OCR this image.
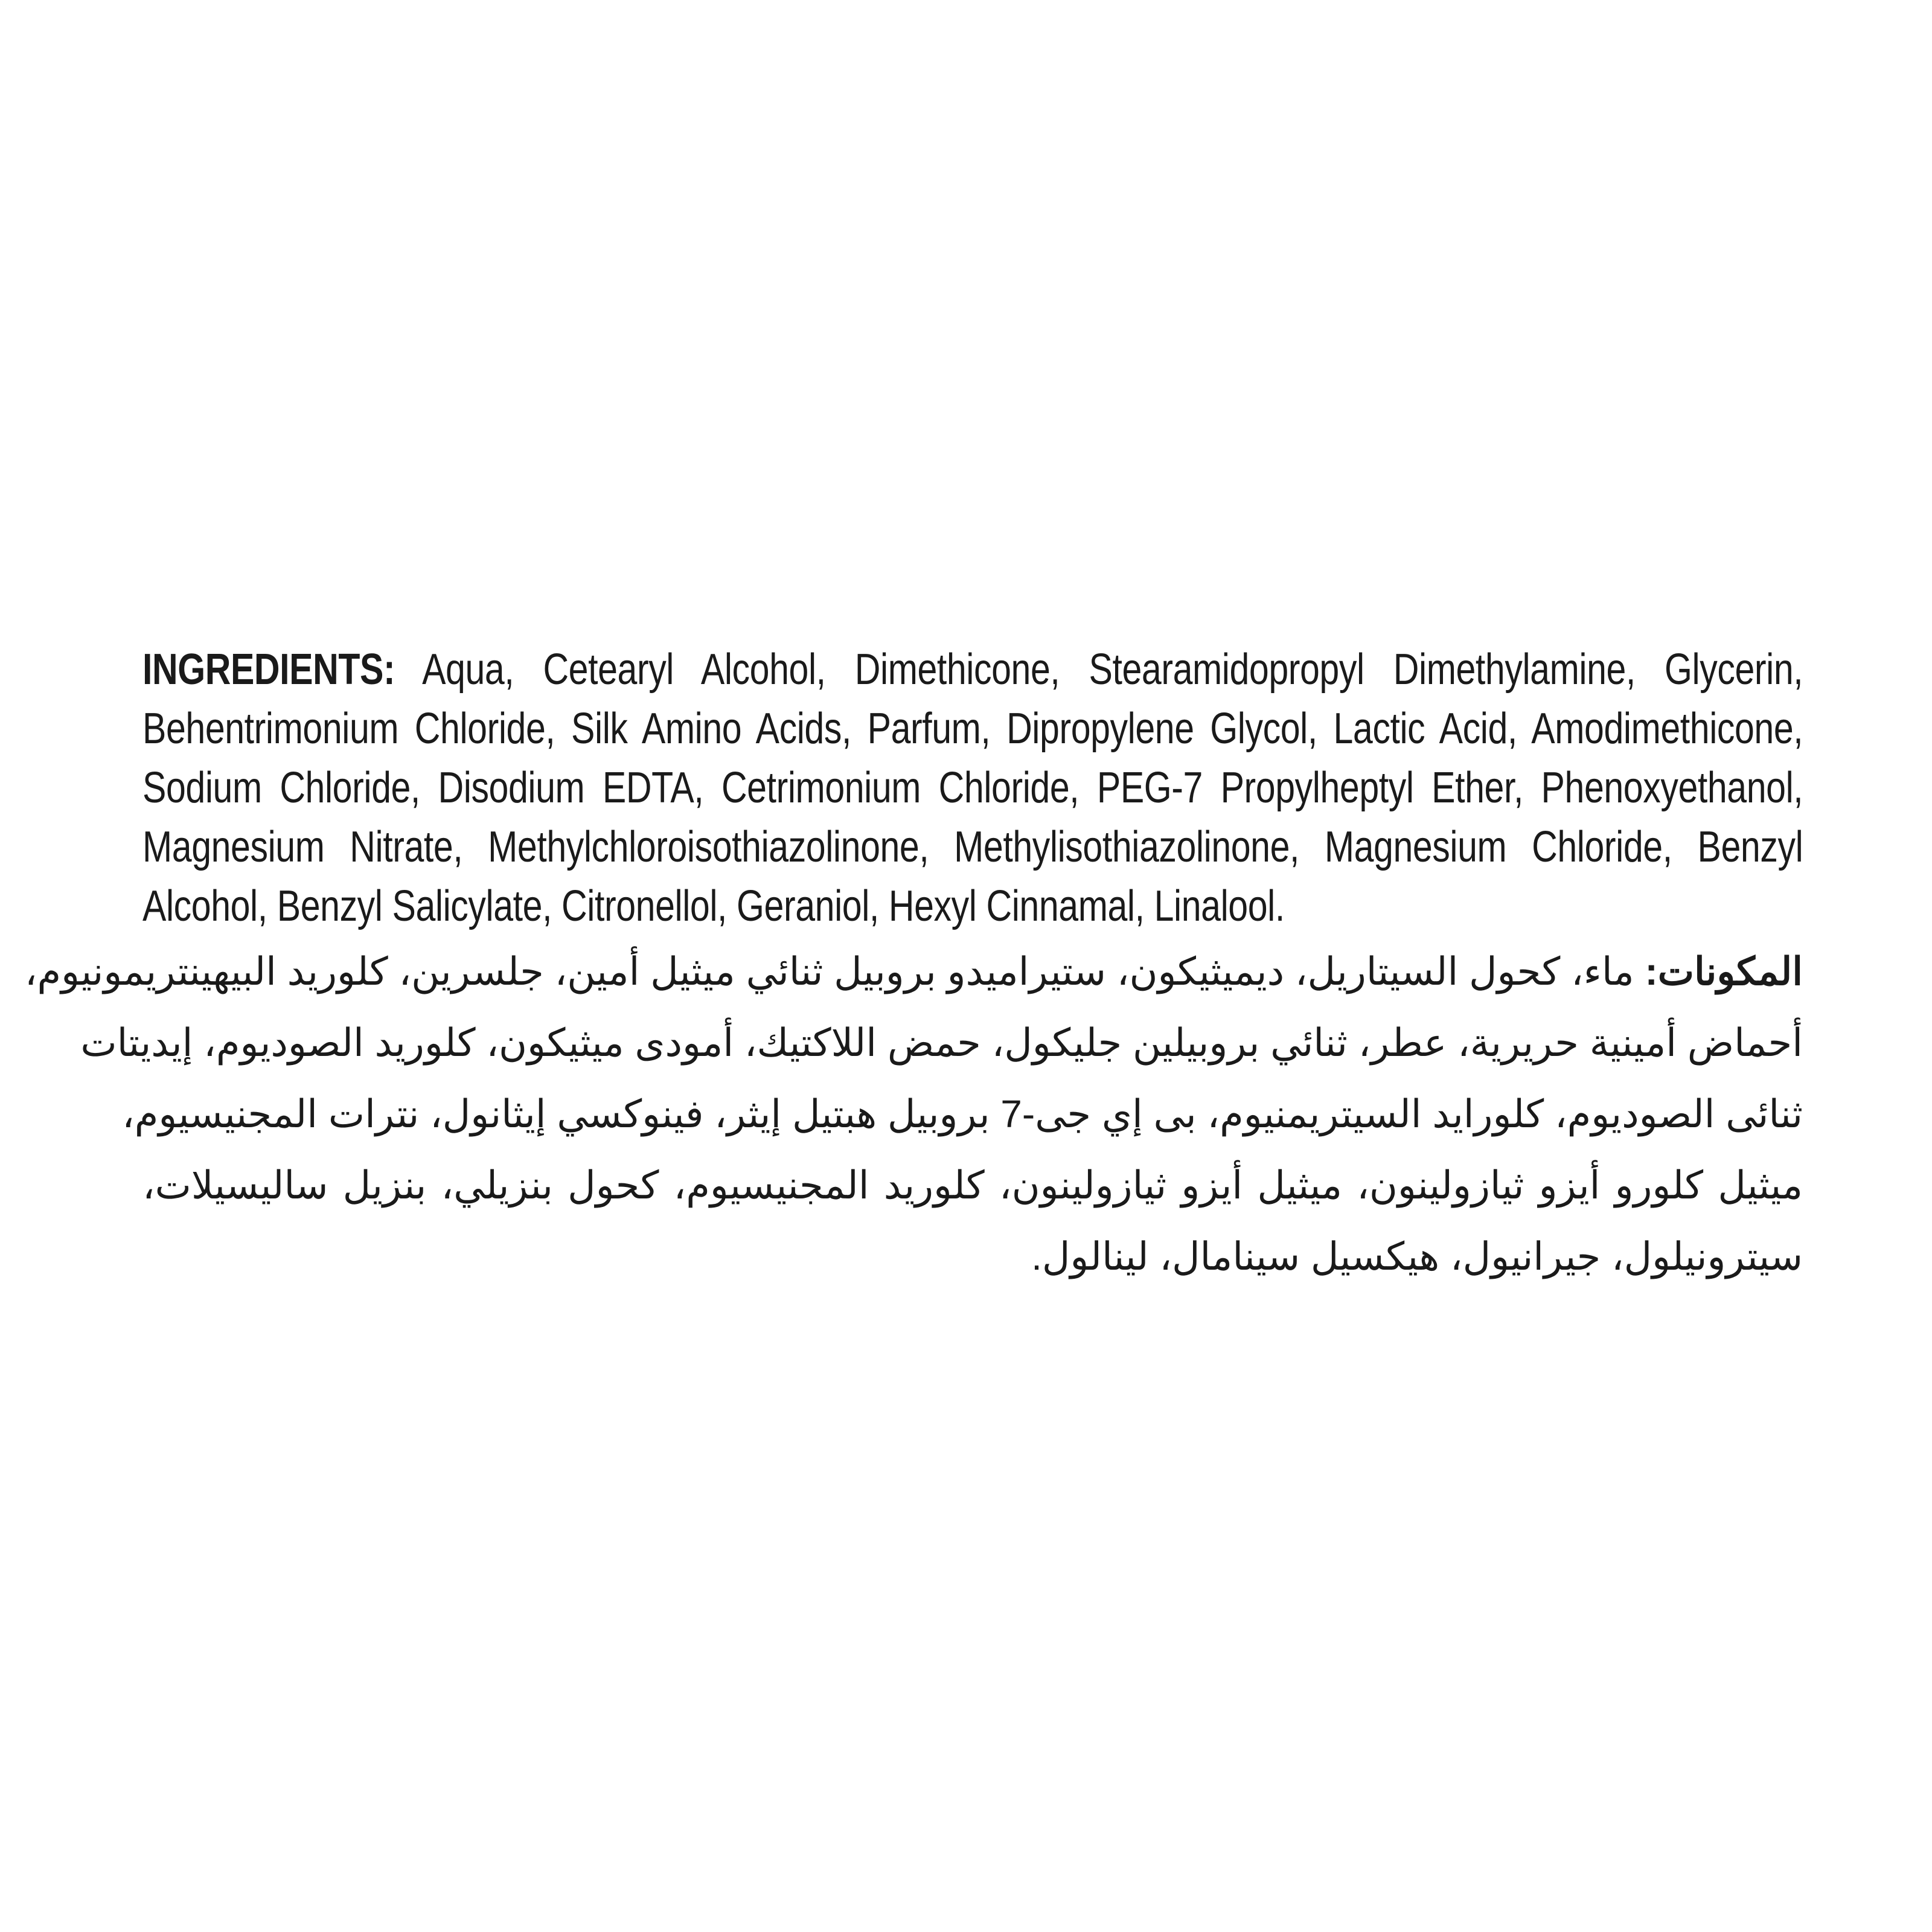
INGREDIENTS: Aqua, Cetearyl Alcohol, Dimethicone, Stearamidopropyl Dimethylamine, Glycerin,
Behentrimonium Chloride, Silk Amino Acids, Parfum, Dipropylene Glycol, Lactic Acid, Amodimethicone,
Sodium Chloride, Disodium EDTA, Cetrimonium Chloride, PEG-7 Propylheptyl Ether, Phenoxyethanol,
Magnesium Nitrate, Methylchloroisothiazolinone, Methylisothiazolinone, Magnesium Chloride, Benzyl
Alcohol, Benzyl Salicylate, Citronellol, Geraniol, Hexyl Cinnamal, Linalool.
المكونات: ماء، كحول السيتاريل، ديميثيكون، ستيراميدو بروبيل ثنائي ميثيل أمين، جلسرين، كلوريد البيهينتريمونيوم،
أحماض أمينية حريرية، عطر، ثنائي بروبيلين جليكول، حمض اللاكتيك، أمودى ميثيكون، كلوريد الصوديوم، إيديتات
ثنائى الصوديوم، كلورايد السيتريمنيوم، بى إي جى-7 بروبيل هبتيل إيثر، فينوكسي إيثانول، نترات المجنيسيوم،
ميثيل كلورو أيزو ثيازولينون، ميثيل أيزو ثيازولينون، كلوريد المجنيسيوم، كحول بنزيلي، بنزيل ساليسيلات،
سيترونيلول، جيرانيول، هيكسيل سينامال، لينالول.
